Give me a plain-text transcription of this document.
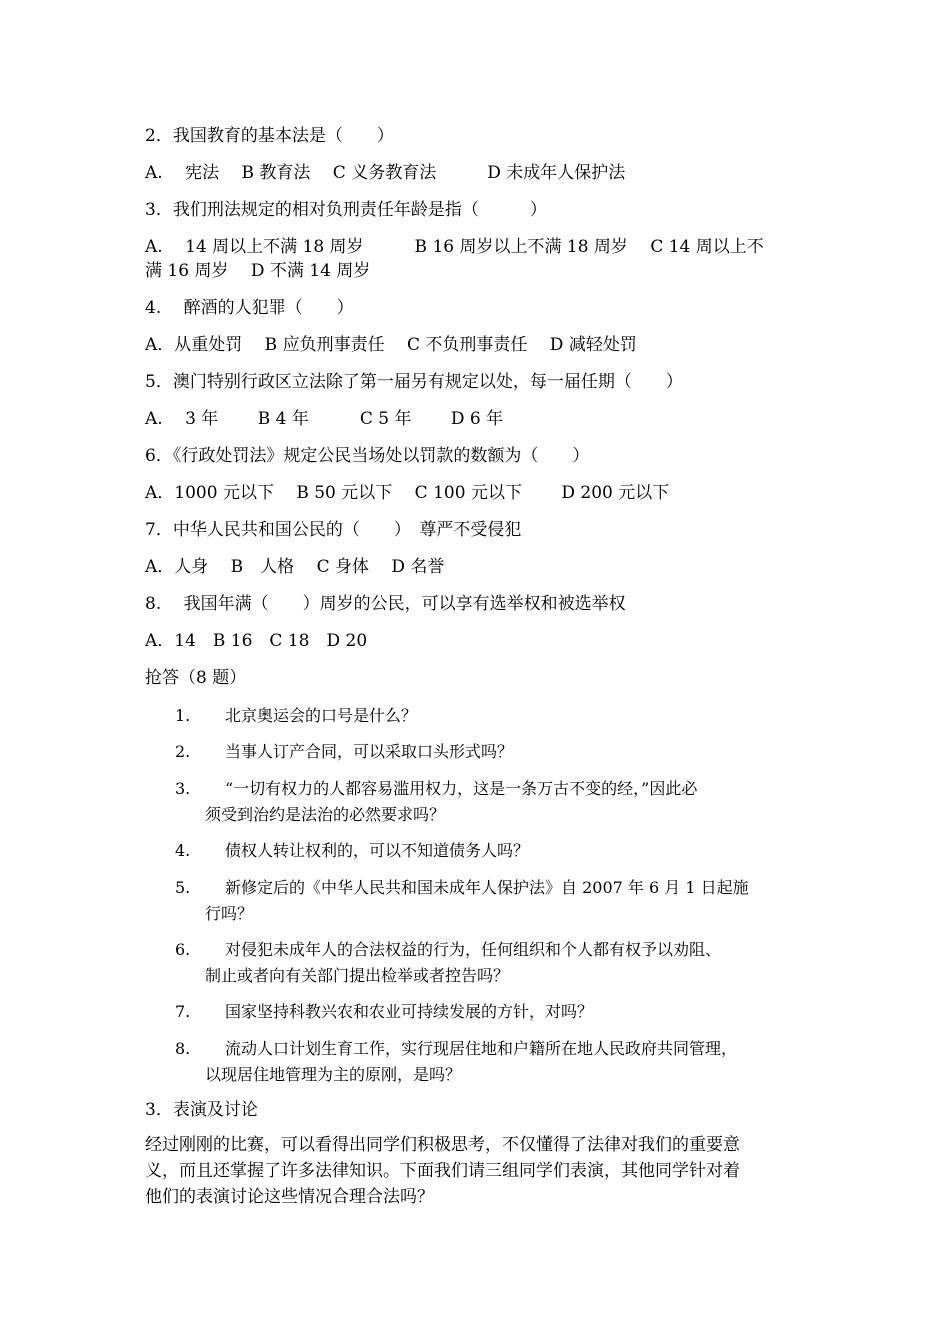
2．我国教育的基本法是（　　）
A.　 宪法　 B 教育法　 C 义务教育法　　　D 未成年人保护法
3．我们刑法规定的相对负刑责任年龄是指（　　　）
A.　 14 周以上不满 18 周岁　　　B 16 周岁以上不满 18 周岁　 C 14 周以上不
满 16 周岁　 D 不满 14 周岁
4.　 醉酒的人犯罪（　　）
A．从重处罚　 B 应负刑事责任　 C 不负刑事责任　 D 减轻处罚
5．澳门特别行政区立法除了第一届另有规定以处，每一届任期（　　）
A.　 3 年　　 B 4 年　　　C 5 年　　 D 6 年
6．《行政处罚法》规定公民当场处以罚款的数额为（　　）
A．1000 元以下　 B 50 元以下　 C 100 元以下　　 D 200 元以下
7．中华人民共和国公民的（　　）　尊严不受侵犯
A．人身　 B　人格　 C 身体　 D 名誉
8.　 我国年满（　　）周岁的公民，可以享有选举权和被选举权
A．14　B 16　C 18　D 20
抢答（8 题）
1. 北京奥运会的口号是什么？
2. 当事人订产合同，可以采取口头形式吗？
3. “一切有权力的人都容易滥用权力，这是一条万古不变的经，”因此必
须受到治约是法治的必然要求吗？
4. 债权人转让权利的，可以不知道债务人吗？
5. 新修定后的《中华人民共和国未成年人保护法》自 2007 年 6 月 1 日起施
行吗？
6. 对侵犯未成年人的合法权益的行为，任何组织和个人都有权予以劝阻、
制止或者向有关部门提出检举或者控告吗？
7. 国家坚持科教兴农和农业可持续发展的方针，对吗？
8. 流动人口计划生育工作，实行现居住地和户籍所在地人民政府共同管理，
以现居住地管理为主的原刚，是吗？
3．表演及讨论
经过刚刚的比赛，可以看得出同学们积极思考，不仅懂得了法律对我们的重要意
义，而且还掌握了许多法律知识。下面我们请三组同学们表演，其他同学针对着
他们的表演讨论这些情况合理合法吗？
